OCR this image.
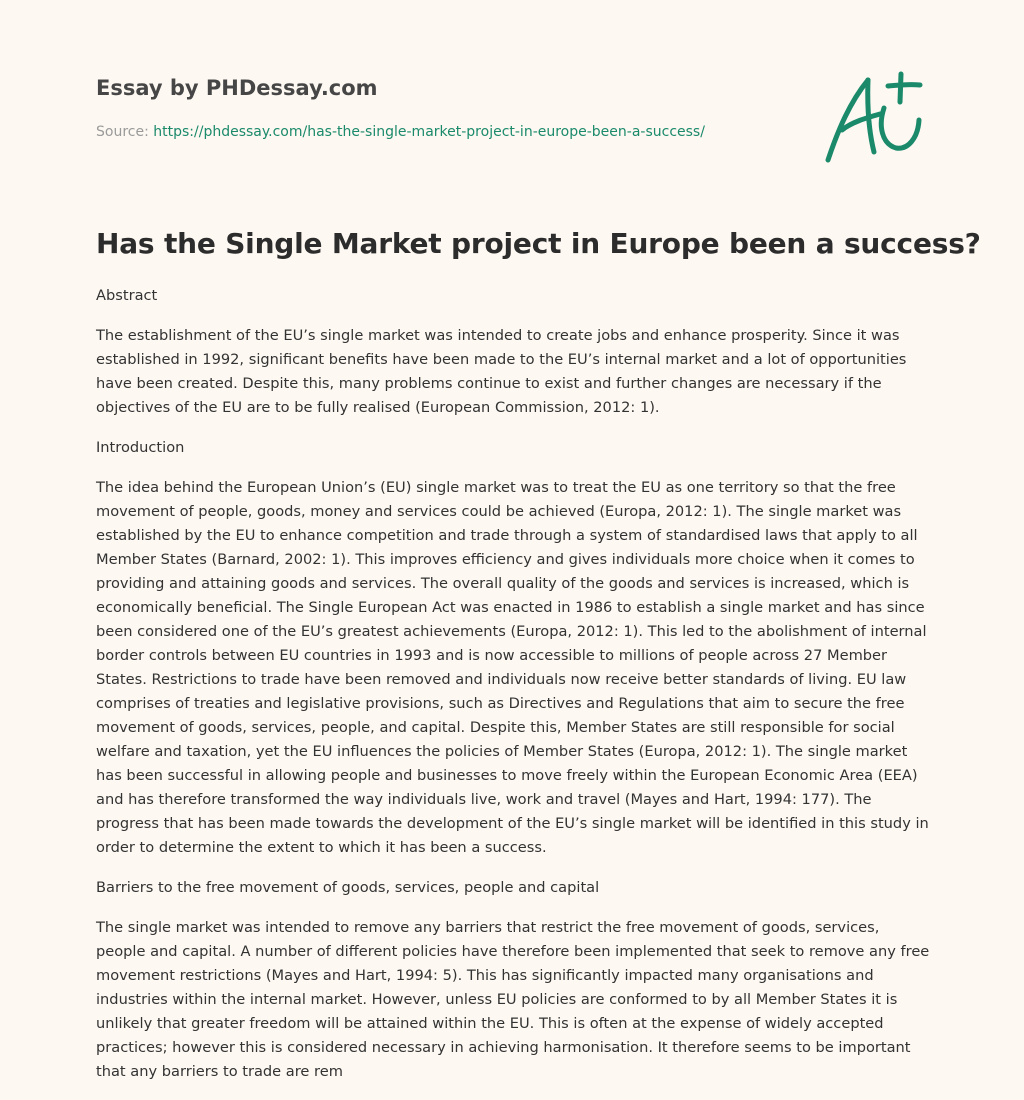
Essay by PHDessay.com
Source: https://phdessay.com/has-the-single-market-project-in-europe-been-a-success/
Has the Single Market project in Europe been a success?

Abstract

The establishment of the EU’s single market was intended to create jobs and enhance prosperity. Since it was established in 1992, significant benefits have been made to the EU’s internal market and a lot of opportunities have been created. Despite this, many problems continue to exist and further changes are necessary if the objectives of the EU are to be fully realised (European Commission, 2012: 1).

Introduction

The idea behind the European Union’s (EU) single market was to treat the EU as one territory so that the free movement of people, goods, money and services could be achieved (Europa, 2012: 1). The single market was established by the EU to enhance competition and trade through a system of standardised laws that apply to all Member States (Barnard, 2002: 1). This improves efficiency and gives individuals more choice when it comes to providing and attaining goods and services. The overall quality of the goods and services is increased, which is economically beneficial. The Single European Act was enacted in 1986 to establish a single market and has since been considered one of the EU’s greatest achievements (Europa, 2012: 1). This led to the abolishment of internal border controls between EU countries in 1993 and is now accessible to millions of people across 27 Member States. Restrictions to trade have been removed and individuals now receive better standards of living. EU law comprises of treaties and legislative provisions, such as Directives and Regulations that aim to secure the free movement of goods, services, people, and capital. Despite this, Member States are still responsible for social welfare and taxation, yet the EU influences the policies of Member States (Europa, 2012: 1). The single market has been successful in allowing people and businesses to move freely within the European Economic Area (EEA) and has therefore transformed the way individuals live, work and travel (Mayes and Hart, 1994: 177). The progress that has been made towards the development of the EU’s single market will be identified in this study in order to determine the extent to which it has been a success.

Barriers to the free movement of goods, services, people and capital

The single market was intended to remove any barriers that restrict the free movement of goods, services, people and capital. A number of different policies have therefore been implemented that seek to remove any free movement restrictions (Mayes and Hart, 1994: 5). This has significantly impacted many organisations and industries within the internal market. However, unless EU policies are conformed to by all Member States it is unlikely that greater freedom will be attained within the EU. This is often at the expense of widely accepted practices; however this is considered necessary in achieving harmonisation. It therefore seems to be important that any barriers to trade are rem
